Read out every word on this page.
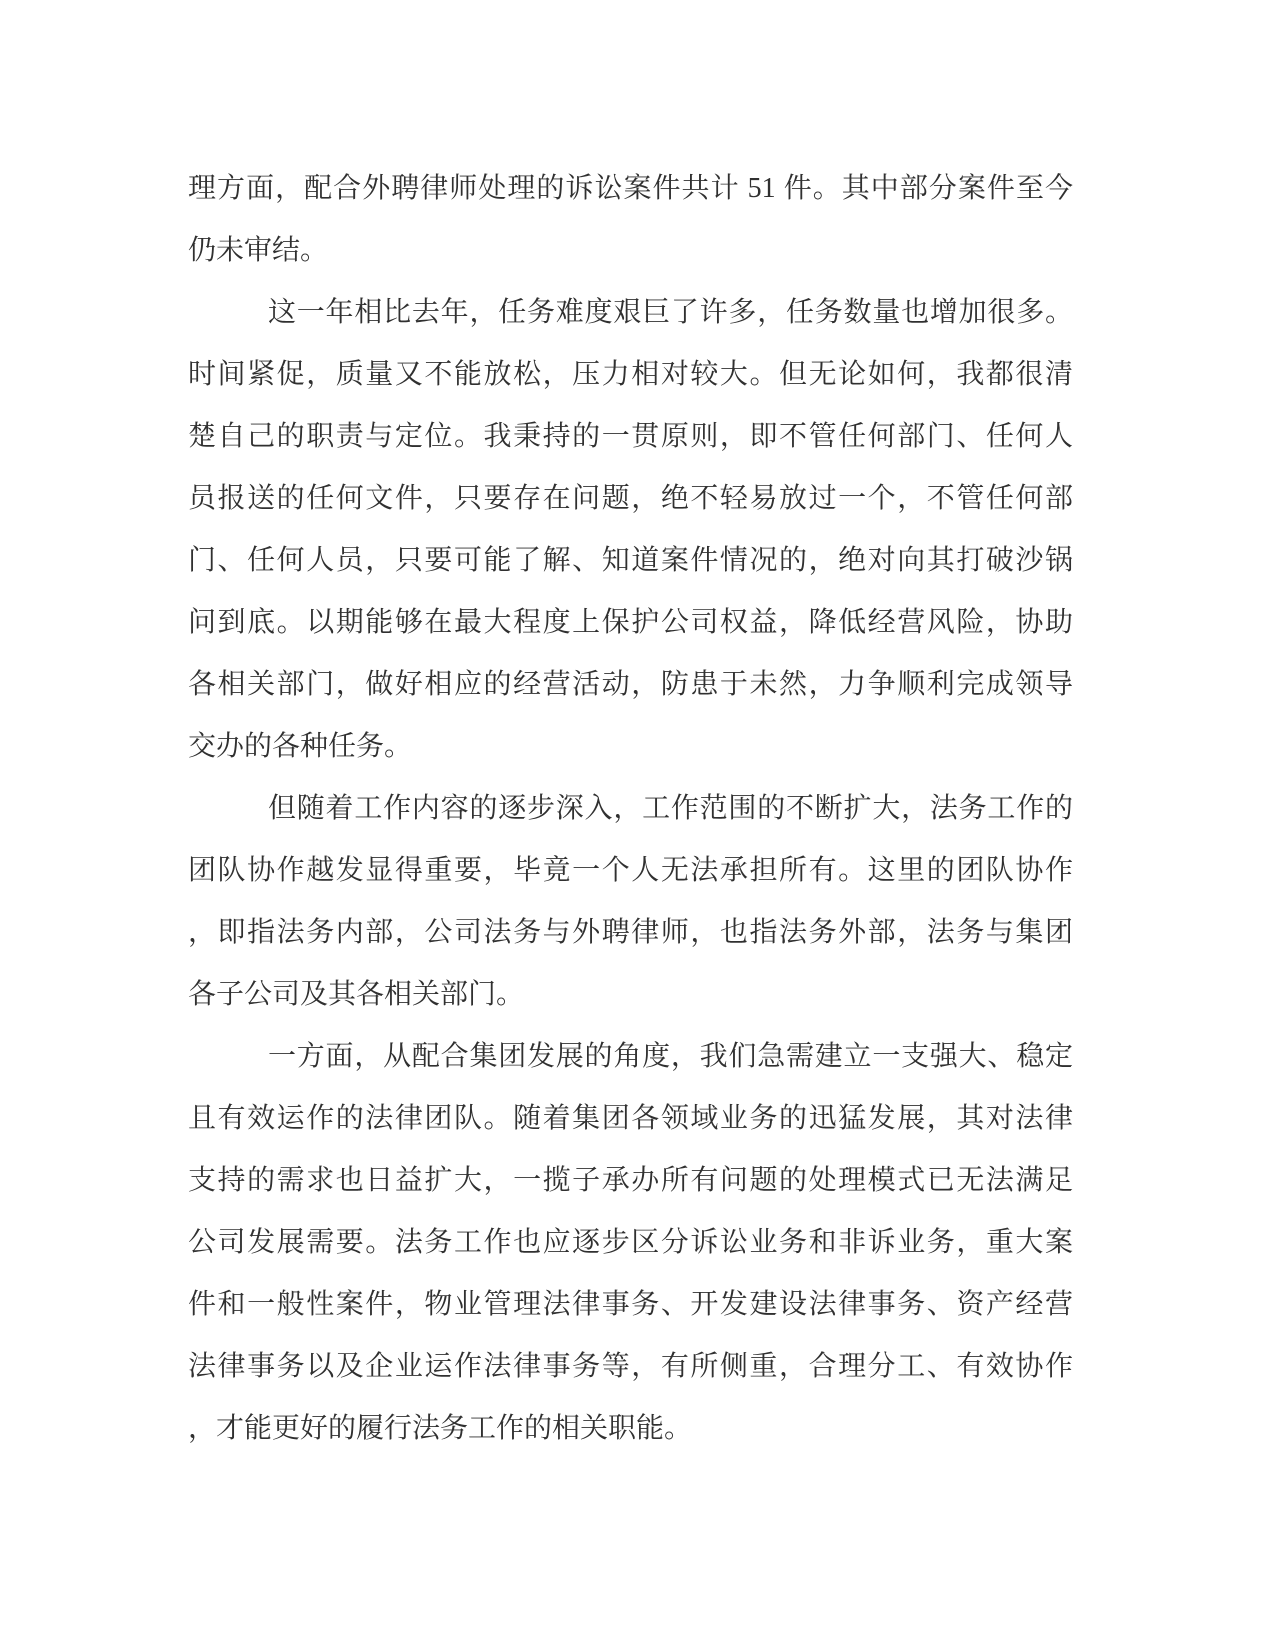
理方面，配合外聘律师处理的诉讼案件共计 51 件。其中部分案件至今
仍未审结。
这一年相比去年，任务难度艰巨了许多，任务数量也增加很多。
时间紧促，质量又不能放松，压力相对较大。但无论如何，我都很清
楚自己的职责与定位。我秉持的一贯原则，即不管任何部门、任何人
员报送的任何文件，只要存在问题，绝不轻易放过一个，不管任何部
门、任何人员，只要可能了解、知道案件情况的，绝对向其打破沙锅
问到底。以期能够在最大程度上保护公司权益，降低经营风险，协助
各相关部门，做好相应的经营活动，防患于未然，力争顺利完成领导
交办的各种任务。
但随着工作内容的逐步深入，工作范围的不断扩大，法务工作的
团队协作越发显得重要，毕竟一个人无法承担所有。这里的团队协作
，即指法务内部，公司法务与外聘律师，也指法务外部，法务与集团
各子公司及其各相关部门。
一方面，从配合集团发展的角度，我们急需建立一支强大、稳定
且有效运作的法律团队。随着集团各领域业务的迅猛发展，其对法律
支持的需求也日益扩大，一揽子承办所有问题的处理模式已无法满足
公司发展需要。法务工作也应逐步区分诉讼业务和非诉业务，重大案
件和一般性案件，物业管理法律事务、开发建设法律事务、资产经营
法律事务以及企业运作法律事务等，有所侧重，合理分工、有效协作
，才能更好的履行法务工作的相关职能。
